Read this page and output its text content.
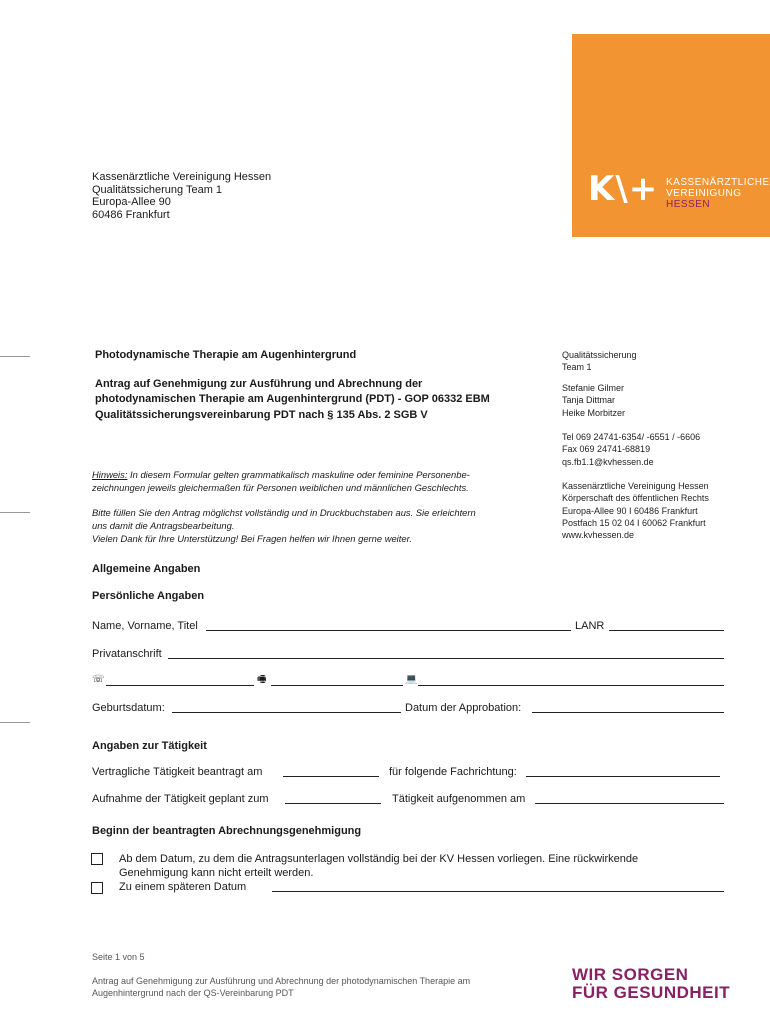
K\+ KASSENÄRZTLICHE
VEREINIGUNG
HESSEN
Kassenärztliche Vereinigung Hessen
Qualitätssicherung Team 1
Europa-Allee 90
60486 Frankfurt
Qualitätssicherung
Team 1
Stefanie Gilmer
Tanja Dittmar
Heike Morbitzer
Tel 069 24741-6354/ -6551 / -6606
Fax 069 24741-68819
qs.fb1.1@kvhessen.de
Kassenärztliche Vereinigung Hessen
Körperschaft des öffentlichen Rechts
Europa-Allee 90 I 60486 Frankfurt
Postfach 15 02 04 I 60062 Frankfurt
www.kvhessen.de
Photodynamische Therapie am Augenhintergrund
Antrag auf Genehmigung zur Ausführung und Abrechnung der
photodynamischen Therapie am Augenhintergrund (PDT) - GOP 06332 EBM
Qualitätssicherungsvereinbarung PDT nach § 135 Abs. 2 SGB V
Hinweis: In diesem Formular gelten grammatikalisch maskuline oder feminine Personenbe-
zeichnungen jeweils gleichermaßen für Personen weiblichen und männlichen Geschlechts.
Bitte füllen Sie den Antrag möglichst vollständig und in Druckbuchstaben aus. Sie erleichtern
uns damit die Antragsbearbeitung.
Vielen Dank für Ihre Unterstützung! Bei Fragen helfen wir Ihnen gerne weiter.
Allgemeine Angaben
Persönliche Angaben
Name, Vorname, Titel	LANR
Privatanschrift
☏	🖷	💻
Geburtsdatum:	Datum der Approbation:
Angaben zur Tätigkeit
Vertragliche Tätigkeit beantragt am	für folgende Fachrichtung:
Aufnahme der Tätigkeit geplant zum	Tätigkeit aufgenommen am
Beginn der beantragten Abrechnungsgenehmigung
Ab dem Datum, zu dem die Antragsunterlagen vollständig bei der KV Hessen vorliegen. Eine rückwirkende
Genehmigung kann nicht erteilt werden.
Zu einem späteren Datum
Seite 1 von 5
Antrag auf Genehmigung zur Ausführung und Abrechnung der photodynamischen Therapie am
Augenhintergrund nach der QS-Vereinbarung PDT
WIR SORGEN
FÜR GESUNDHEIT
